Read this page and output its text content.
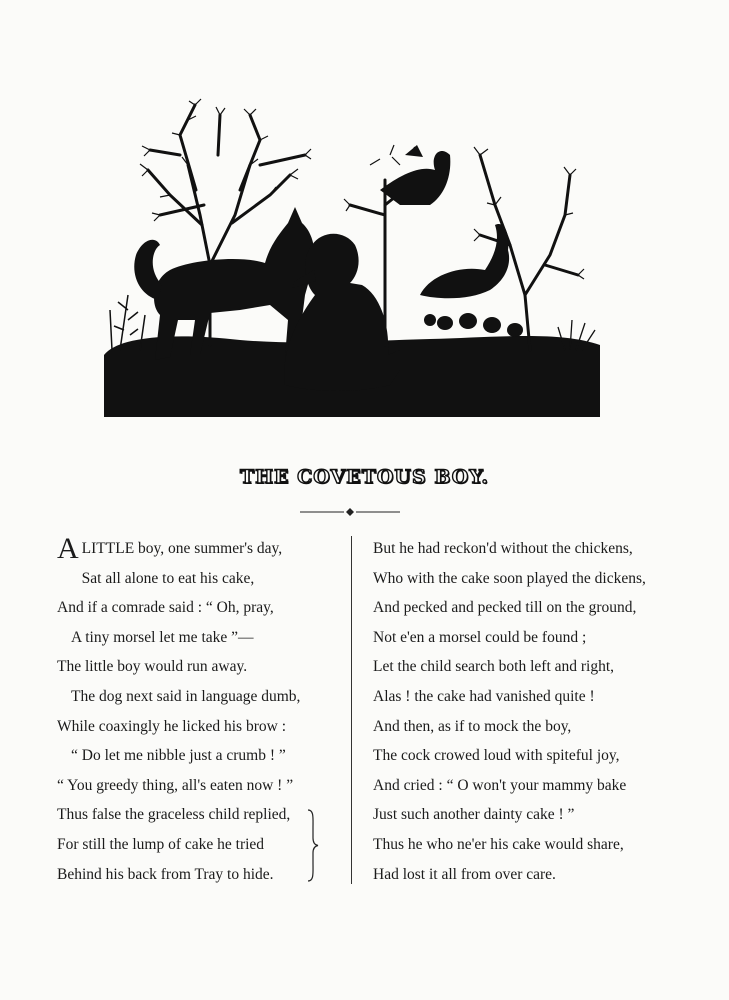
THE COVETOUS BOY.
A LITTLE boy, one summer's day,
Sat all alone to eat his cake,
And if a comrade said : “ Oh, pray,
A tiny morsel let me take ”—
The little boy would run away.
The dog next said in language dumb,
While coaxingly he licked his brow :
“ Do let me nibble just a crumb ! ”
“ You greedy thing, all's eaten now ! ”
Thus false the graceless child replied,
For still the lump of cake he tried
Behind his back from Tray to hide.
But he had reckon'd without the chickens,
Who with the cake soon played the dickens,
And pecked and pecked till on the ground,
Not e'en a morsel could be found ;
Let the child search both left and right,
Alas ! the cake had vanished quite !
And then, as if to mock the boy,
The cock crowed loud with spiteful joy,
And cried : “ O won't your mammy bake
Just such another dainty cake ! ”
Thus he who ne'er his cake would share,
Had lost it all from over care.
